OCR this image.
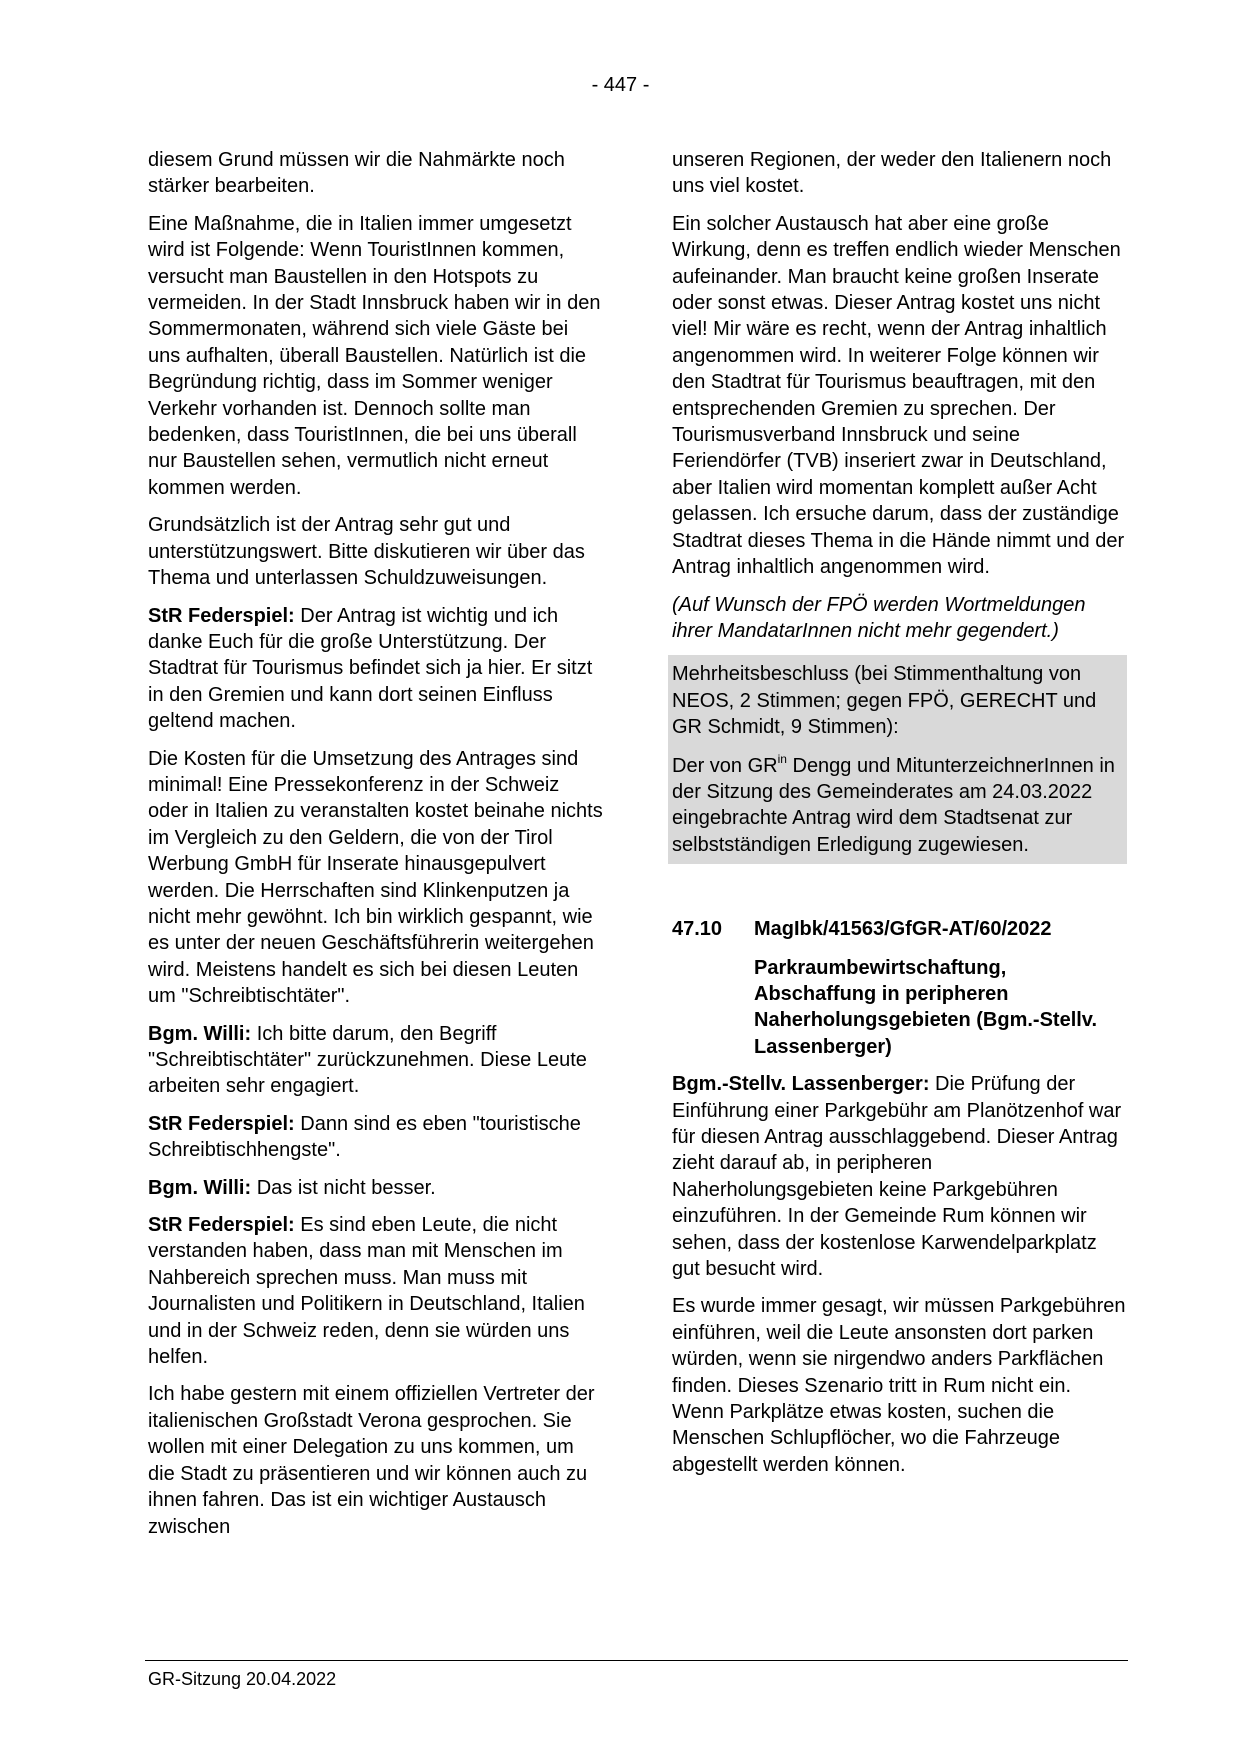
- 447 -

diesem Grund müssen wir die Nahmärkte noch stärker bearbeiten.

Eine Maßnahme, die in Italien immer umgesetzt wird ist Folgende: Wenn TouristInnen kommen, versucht man Baustellen in den Hotspots zu vermeiden. In der Stadt Innsbruck haben wir in den Sommermonaten, während sich viele Gäste bei uns aufhalten, überall Baustellen. Natürlich ist die Begründung richtig, dass im Sommer weniger Verkehr vorhanden ist. Dennoch sollte man bedenken, dass TouristInnen, die bei uns überall nur Baustellen sehen, vermutlich nicht erneut kommen werden.

Grundsätzlich ist der Antrag sehr gut und unterstützungswert. Bitte diskutieren wir über das Thema und unterlassen Schuldzuweisungen.

StR Federspiel: Der Antrag ist wichtig und ich danke Euch für die große Unterstützung. Der Stadtrat für Tourismus befindet sich ja hier. Er sitzt in den Gremien und kann dort seinen Einfluss geltend machen.

Die Kosten für die Umsetzung des Antrages sind minimal! Eine Pressekonferenz in der Schweiz oder in Italien zu veranstalten kostet beinahe nichts im Vergleich zu den Geldern, die von der Tirol Werbung GmbH für Inserate hinausgepulvert werden. Die Herrschaften sind Klinkenputzen ja nicht mehr gewöhnt. Ich bin wirklich gespannt, wie es unter der neuen Geschäftsführerin weitergehen wird. Meistens handelt es sich bei diesen Leuten um "Schreibtischtäter".

Bgm. Willi: Ich bitte darum, den Begriff "Schreibtischtäter" zurückzunehmen. Diese Leute arbeiten sehr engagiert.

StR Federspiel: Dann sind es eben "touristische Schreibtischhengste".

Bgm. Willi: Das ist nicht besser.

StR Federspiel: Es sind eben Leute, die nicht verstanden haben, dass man mit Menschen im Nahbereich sprechen muss. Man muss mit Journalisten und Politikern in Deutschland, Italien und in der Schweiz reden, denn sie würden uns helfen.

Ich habe gestern mit einem offiziellen Vertreter der italienischen Großstadt Verona gesprochen. Sie wollen mit einer Delegation zu uns kommen, um die Stadt zu präsentieren und wir können auch zu ihnen fahren. Das ist ein wichtiger Austausch zwischen

unseren Regionen, der weder den Italienern noch uns viel kostet.

Ein solcher Austausch hat aber eine große Wirkung, denn es treffen endlich wieder Menschen aufeinander. Man braucht keine großen Inserate oder sonst etwas. Dieser Antrag kostet uns nicht viel! Mir wäre es recht, wenn der Antrag inhaltlich angenommen wird. In weiterer Folge können wir den Stadtrat für Tourismus beauftragen, mit den entsprechenden Gremien zu sprechen. Der Tourismusverband Innsbruck und seine Feriendörfer (TVB) inseriert zwar in Deutschland, aber Italien wird momentan komplett außer Acht gelassen. Ich ersuche darum, dass der zuständige Stadtrat dieses Thema in die Hände nimmt und der Antrag inhaltlich angenommen wird.

(Auf Wunsch der FPÖ werden Wortmeldungen ihrer MandatarInnen nicht mehr gegendert.)

Mehrheitsbeschluss (bei Stimmenthaltung von NEOS, 2 Stimmen; gegen FPÖ, GERECHT und GR Schmidt, 9 Stimmen):

Der von $GR^{in}$ Dengg und MitunterzeichnerInnen in der Sitzung des Gemeinderates am 24.03.2022 eingebrachte Antrag wird dem Stadtsenat zur selbstständigen Erledigung zugewiesen.

47.10	MagIbk/41563/GfGR-AT/60/2022
Parkraumbewirtschaftung, Abschaffung in peripheren Naherholungsgebieten (Bgm.-Stellv. Lassenberger)

Bgm.-Stellv. Lassenberger: Die Prüfung der Einführung einer Parkgebühr am Planötzenhof war für diesen Antrag ausschlaggebend. Dieser Antrag zieht darauf ab, in peripheren Naherholungsgebieten keine Parkgebühren einzuführen. In der Gemeinde Rum können wir sehen, dass der kostenlose Karwendelparkplatz gut besucht wird.

Es wurde immer gesagt, wir müssen Parkgebühren einführen, weil die Leute ansonsten dort parken würden, wenn sie nirgendwo anders Parkflächen finden. Dieses Szenario tritt in Rum nicht ein. Wenn Parkplätze etwas kosten, suchen die Menschen Schlupflöcher, wo die Fahrzeuge abgestellt werden können.

GR-Sitzung 20.04.2022
